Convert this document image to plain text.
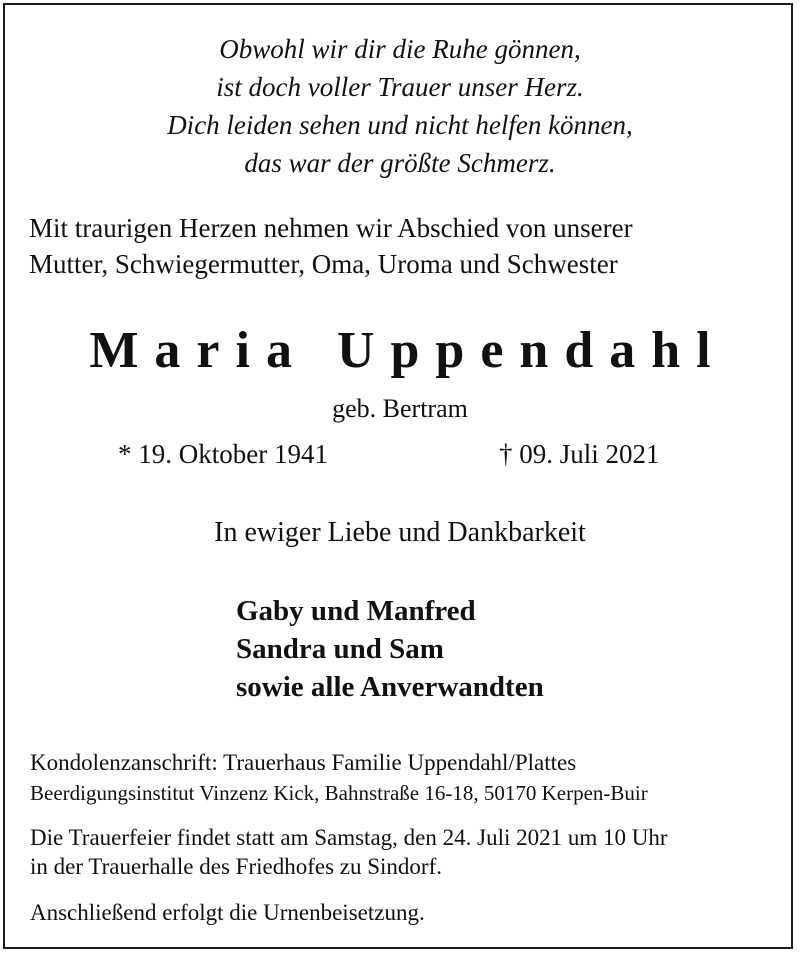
Obwohl wir dir die Ruhe gönnen,
ist doch voller Trauer unser Herz.
Dich leiden sehen und nicht helfen können,
das war der größte Schmerz.
Mit traurigen Herzen nehmen wir Abschied von unserer
Mutter, Schwiegermutter, Oma, Uroma und Schwester
Maria Uppendahl
geb. Bertram
* 19. Oktober 1941	† 09. Juli 2021
In ewiger Liebe und Dankbarkeit
Gaby und Manfred
Sandra und Sam
sowie alle Anverwandten
Kondolenzanschrift: Trauerhaus Familie Uppendahl/Plattes
Beerdigungsinstitut Vinzenz Kick, Bahnstraße 16-18, 50170 Kerpen-Buir
Die Trauerfeier findet statt am Samstag, den 24. Juli 2021 um 10 Uhr
in der Trauerhalle des Friedhofes zu Sindorf.
Anschließend erfolgt die Urnenbeisetzung.
